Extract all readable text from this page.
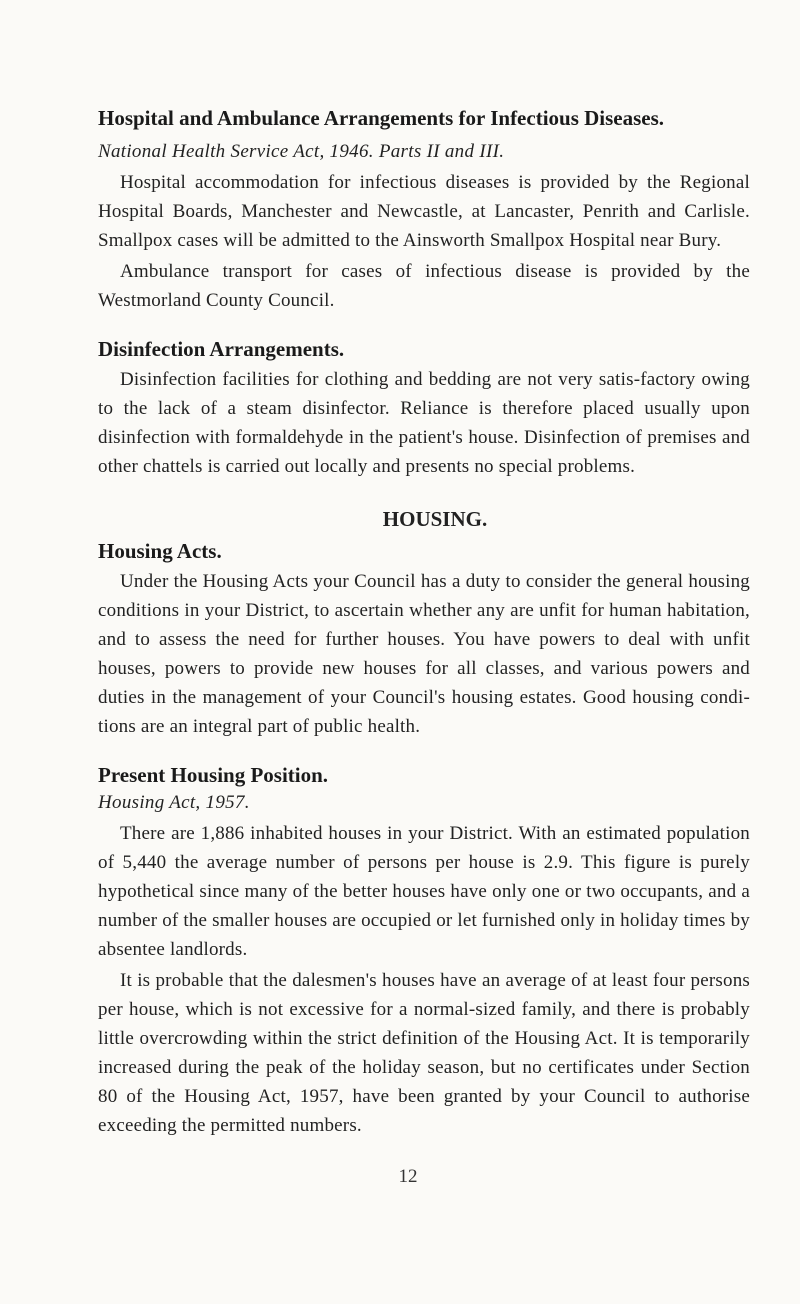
Hospital and Ambulance Arrangements for Infectious Diseases.
National Health Service Act, 1946. Parts II and III.

Hospital accommodation for infectious diseases is provided by the Regional Hospital Boards, Manchester and Newcastle, at Lancaster, Penrith and Carlisle. Smallpox cases will be admitted to the Ainsworth Smallpox Hospital near Bury.

Ambulance transport for cases of infectious disease is provided by the Westmorland County Council.

Disinfection Arrangements.

Disinfection facilities for clothing and bedding are not very satis-factory owing to the lack of a steam disinfector. Reliance is therefore placed usually upon disinfection with formaldehyde in the patient's house. Disinfection of premises and other chattels is carried out locally and presents no special problems.

HOUSING.
Housing Acts.

Under the Housing Acts your Council has a duty to consider the general housing conditions in your District, to ascertain whether any are unfit for human habitation, and to assess the need for further houses. You have powers to deal with unfit houses, powers to provide new houses for all classes, and various powers and duties in the management of your Council's housing estates. Good housing condi-tions are an integral part of public health.

Present Housing Position.
Housing Act, 1957.

There are 1,886 inhabited houses in your District. With an estimated population of 5,440 the average number of persons per house is 2.9. This figure is purely hypothetical since many of the better houses have only one or two occupants, and a number of the smaller houses are occupied or let furnished only in holiday times by absentee landlords.

It is probable that the dalesmen's houses have an average of at least four persons per house, which is not excessive for a normal-sized family, and there is probably little overcrowding within the strict definition of the Housing Act. It is temporarily increased during the peak of the holiday season, but no certificates under Section 80 of the Housing Act, 1957, have been granted by your Council to authorise exceeding the permitted numbers.

12
